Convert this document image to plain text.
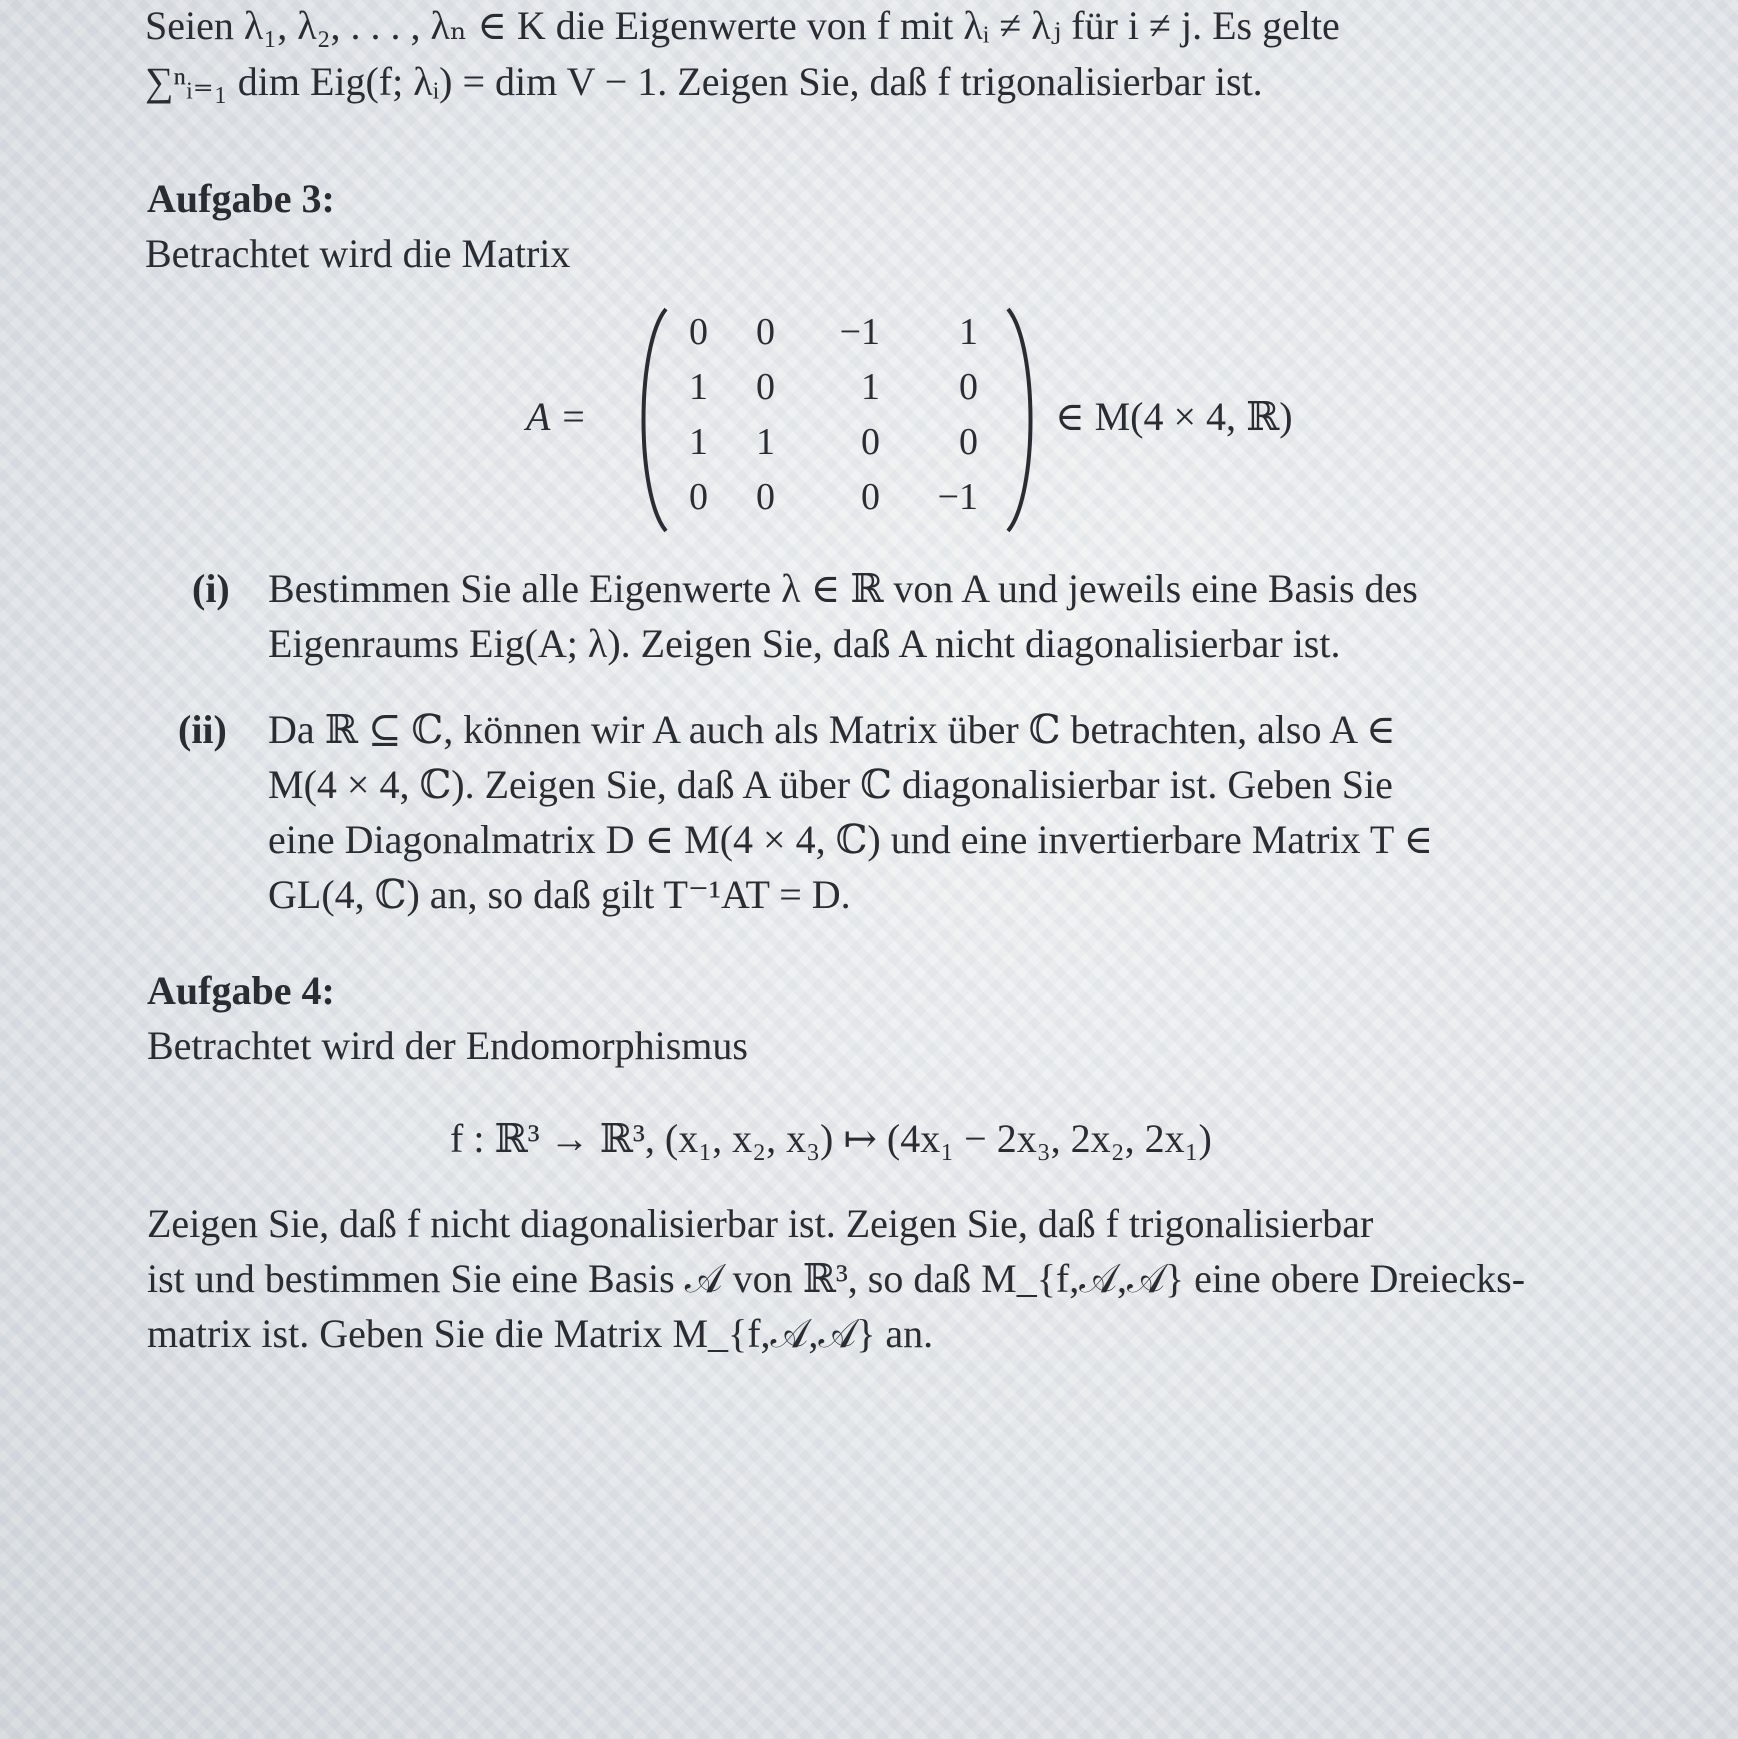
Seien λ₁, λ₂, . . . , λₙ ∈ K die Eigenwerte von f mit λᵢ ≠ λⱼ für i ≠ j. Es gelte
∑ⁿᵢ₌₁ dim Eig(f; λᵢ) = dim V − 1. Zeigen Sie, daß f trigonalisierbar ist.
Aufgabe 3:
Betrachtet wird die Matrix
A =
0	0	−1	1
1	0	1	0
1	1	0	0
0	0	0	−1
∈ M(4 × 4, ℝ)
(i) Bestimmen Sie alle Eigenwerte λ ∈ ℝ von A und jeweils eine Basis des
Eigenraums Eig(A; λ). Zeigen Sie, daß A nicht diagonalisierbar ist.
(ii) Da ℝ ⊆ ℂ, können wir A auch als Matrix über ℂ betrachten, also A ∈
M(4 × 4, ℂ). Zeigen Sie, daß A über ℂ diagonalisierbar ist. Geben Sie
eine Diagonalmatrix D ∈ M(4 × 4, ℂ) und eine invertierbare Matrix T ∈
GL(4, ℂ) an, so daß gilt T⁻¹AT = D.
Aufgabe 4:
Betrachtet wird der Endomorphismus
f : ℝ³ → ℝ³, (x₁, x₂, x₃) ↦ (4x₁ − 2x₃, 2x₂, 2x₁)
Zeigen Sie, daß f nicht diagonalisierbar ist. Zeigen Sie, daß f trigonalisierbar
ist und bestimmen Sie eine Basis 𝒜 von ℝ³, so daß M_{f,𝒜,𝒜} eine obere Dreiecks-
matrix ist. Geben Sie die Matrix M_{f,𝒜,𝒜} an.
